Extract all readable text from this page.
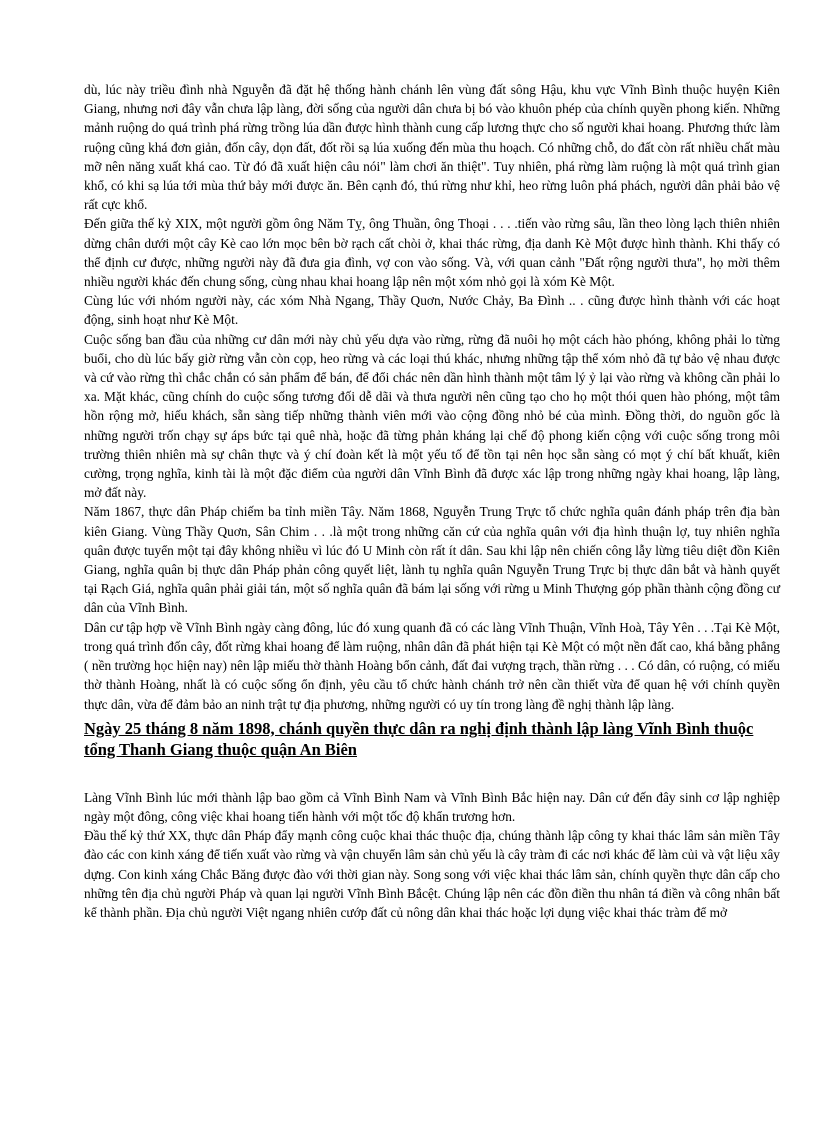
dù, lúc này triều đình nhà Nguyễn đã đặt hệ thống hành chánh lên vùng đất sông Hậu, khu vực Vĩnh Bình thuộc huyện Kiên Giang, nhưng nơi đây vẫn chưa lập làng, đời sống của người dân chưa bị bó vào khuôn phép của chính quyền phong kiến. Những mảnh ruộng do quá trình phá rừng trồng lúa dần được hình thành cung cấp lương thực cho số người khai hoang. Phương thức làm ruộng cũng khá đơn giản, đốn cây, dọn đất, đốt rồi sạ lúa xuống đến mùa thu hoạch. Có những chỗ, do đất còn rất nhiều chất màu mỡ nên năng xuất khá cao. Từ đó đã xuất hiện câu nói" làm chơi ăn thiệt". Tuy nhiên, phá rừng làm ruộng là một quá trình gian khổ, có khi sạ lúa tới mùa thứ bảy mới được ăn. Bên cạnh đó, thú rừng như khỉ, heo rừng luôn phá phách, người dân phải bảo vệ rất cực khổ.

Đến giữa thế kỷ XIX, một người gồm ông Năm Tỵ, ông Thuần, ông Thoại . . . .tiến vào rừng sâu, lần theo lòng lạch thiên nhiên dừng chân dưới một cây Kè cao lớn mọc bên bờ rạch cất chòi ở, khai thác rừng, địa danh Kè Một được hình thành. Khi thấy có thể định cư được, những người này đã đưa gia đình, vợ con vào sống. Và, với quan cảnh "Đất rộng người thưa", họ mời thêm nhiều người khác đến chung sống, cùng nhau khai hoang lập nên một xóm nhỏ gọi là xóm Kè Một.

Cùng lúc với nhóm người này, các xóm Nhà Ngang, Thầy Quơn, Nước Chảy, Ba Đình .. . cũng được hình thành với các hoạt động, sinh hoạt như Kè Một.

Cuộc sống ban đầu của những cư dân mới này chủ yếu dựa vào rừng, rừng đã nuôi họ một cách hào phóng, không phải lo từng buổi, cho dù lúc bấy giờ rừng vẫn còn cọp, heo rừng và các loại thú khác, nhưng những tập thể xóm nhỏ đã tự bảo vệ nhau được và cứ vào rừng thì chắc chắn có sản phẩm để bán, để đổi chác nên dần hình thành một tâm lý ỷ lại vào rừng và không cần phải lo xa. Mặt khác, cũng chính do cuộc sống tương đối dễ dãi và thưa người nên cũng tạo cho họ một thói quen hào phóng, một tâm hồn rộng mở, hiếu khách, sẵn sàng tiếp những thành viên mới vào cộng đồng nhỏ bé của mình. Đồng thời, do nguồn gốc là những người trốn chạy sự áps bức tại quê nhà, hoặc đã từng phản kháng lại chế độ phong kiến cộng với cuộc sống trong môi trường thiên nhiên mà sự chân thực và ý chí đoàn kết là một yếu tố để tồn tại nên học sẵn sàng có mọt ý chí bất khuất, kiên cường, trọng nghĩa, kinh tài là một đặc điểm của người dân Vĩnh Bình đã được xác lập trong những ngày khai hoang, lập làng, mở đất này.

Năm 1867, thực dân Pháp chiếm ba tỉnh miền Tây. Năm 1868, Nguyễn Trung Trực tổ chức nghĩa quân đánh pháp trên địa bàn kiên Giang. Vùng Thầy Quơn, Sân Chim . . .là một trong những căn cứ của nghĩa quân với địa hình thuận lợ, tuy nhiên nghĩa quân được tuyển một tại đây không nhiều vì lúc đó U Minh còn rất ít dân. Sau khi lập nên chiến công lẫy lừng tiêu diệt đồn Kiên Giang, nghĩa quân bị thực dân Pháp phản công quyết liệt, lành tụ nghĩa quân Nguyễn Trung Trực bị thực dân bắt và hành quyết tại Rạch Giá, nghĩa quân phải giải tán, một số nghĩa quân đã bám lại sống với rừng u Minh Thượng góp phần thành cộng đồng cư dân của Vĩnh Bình.

Dân cư tập hợp về Vĩnh Bình ngày càng đông, lúc đó xung quanh đã có các làng Vĩnh Thuận, Vĩnh Hoà, Tây Yên . . .Tại Kè Một, trong quá trình đốn cây, đốt rừng khai hoang để làm ruộng, nhân dân đã phát hiện tại Kè Một có một nền đất cao, khá bằng phẳng ( nền trường học hiện nay) nên lập miếu thờ thành Hoàng bổn cảnh, đất đai vượng trạch, thần rừng . . . Có dân, có ruộng, có miếu thờ thành Hoàng, nhất là có cuộc sống ổn định, yêu cầu tổ chức hành chánh trở nên cần thiết vừa để quan hệ với chính quyền thực dân, vừa để đảm bảo an ninh trật tự địa phương, những người có uy tín trong làng đề nghị thành lập làng.

Ngày 25 tháng 8 năm 1898, chánh quyền thực dân ra nghị định thành lập làng Vĩnh Bình thuộc tổng Thanh Giang thuộc quận An Biên

Làng Vĩnh Bình lúc mới thành lập bao gồm cả Vĩnh Bình Nam và Vĩnh Bình Bắc hiện nay. Dân cứ đến đây sinh cơ lập nghiệp ngày một đông, công việc khai hoang tiến hành với một tốc độ khẩn trương hơn.

Đầu thế kỷ thứ XX, thực dân Pháp đẩy mạnh công cuộc khai thác thuộc địa, chúng thành lập công ty khai thác lâm sản miền Tây đào các con kinh xáng để tiến xuất vào rừng và vận chuyển lâm sản chủ yếu là cây tràm đi các nơi khác để làm củi và vật liệu xây dựng. Con kinh xáng Chắc Băng được đào với thời gian này. Song song với việc khai thác lâm sản, chính quyền thực dân cấp cho những tên địa chủ người Pháp và quan lại người Vĩnh Bình Bắcệt. Chúng lập nên các đồn điền thu nhân tá điền và công nhân bất kể thành phần. Địa chủ người Việt ngang nhiên cướp đất củ nông dân khai thác hoặc lợi dụng việc khai thác tràm để mở
